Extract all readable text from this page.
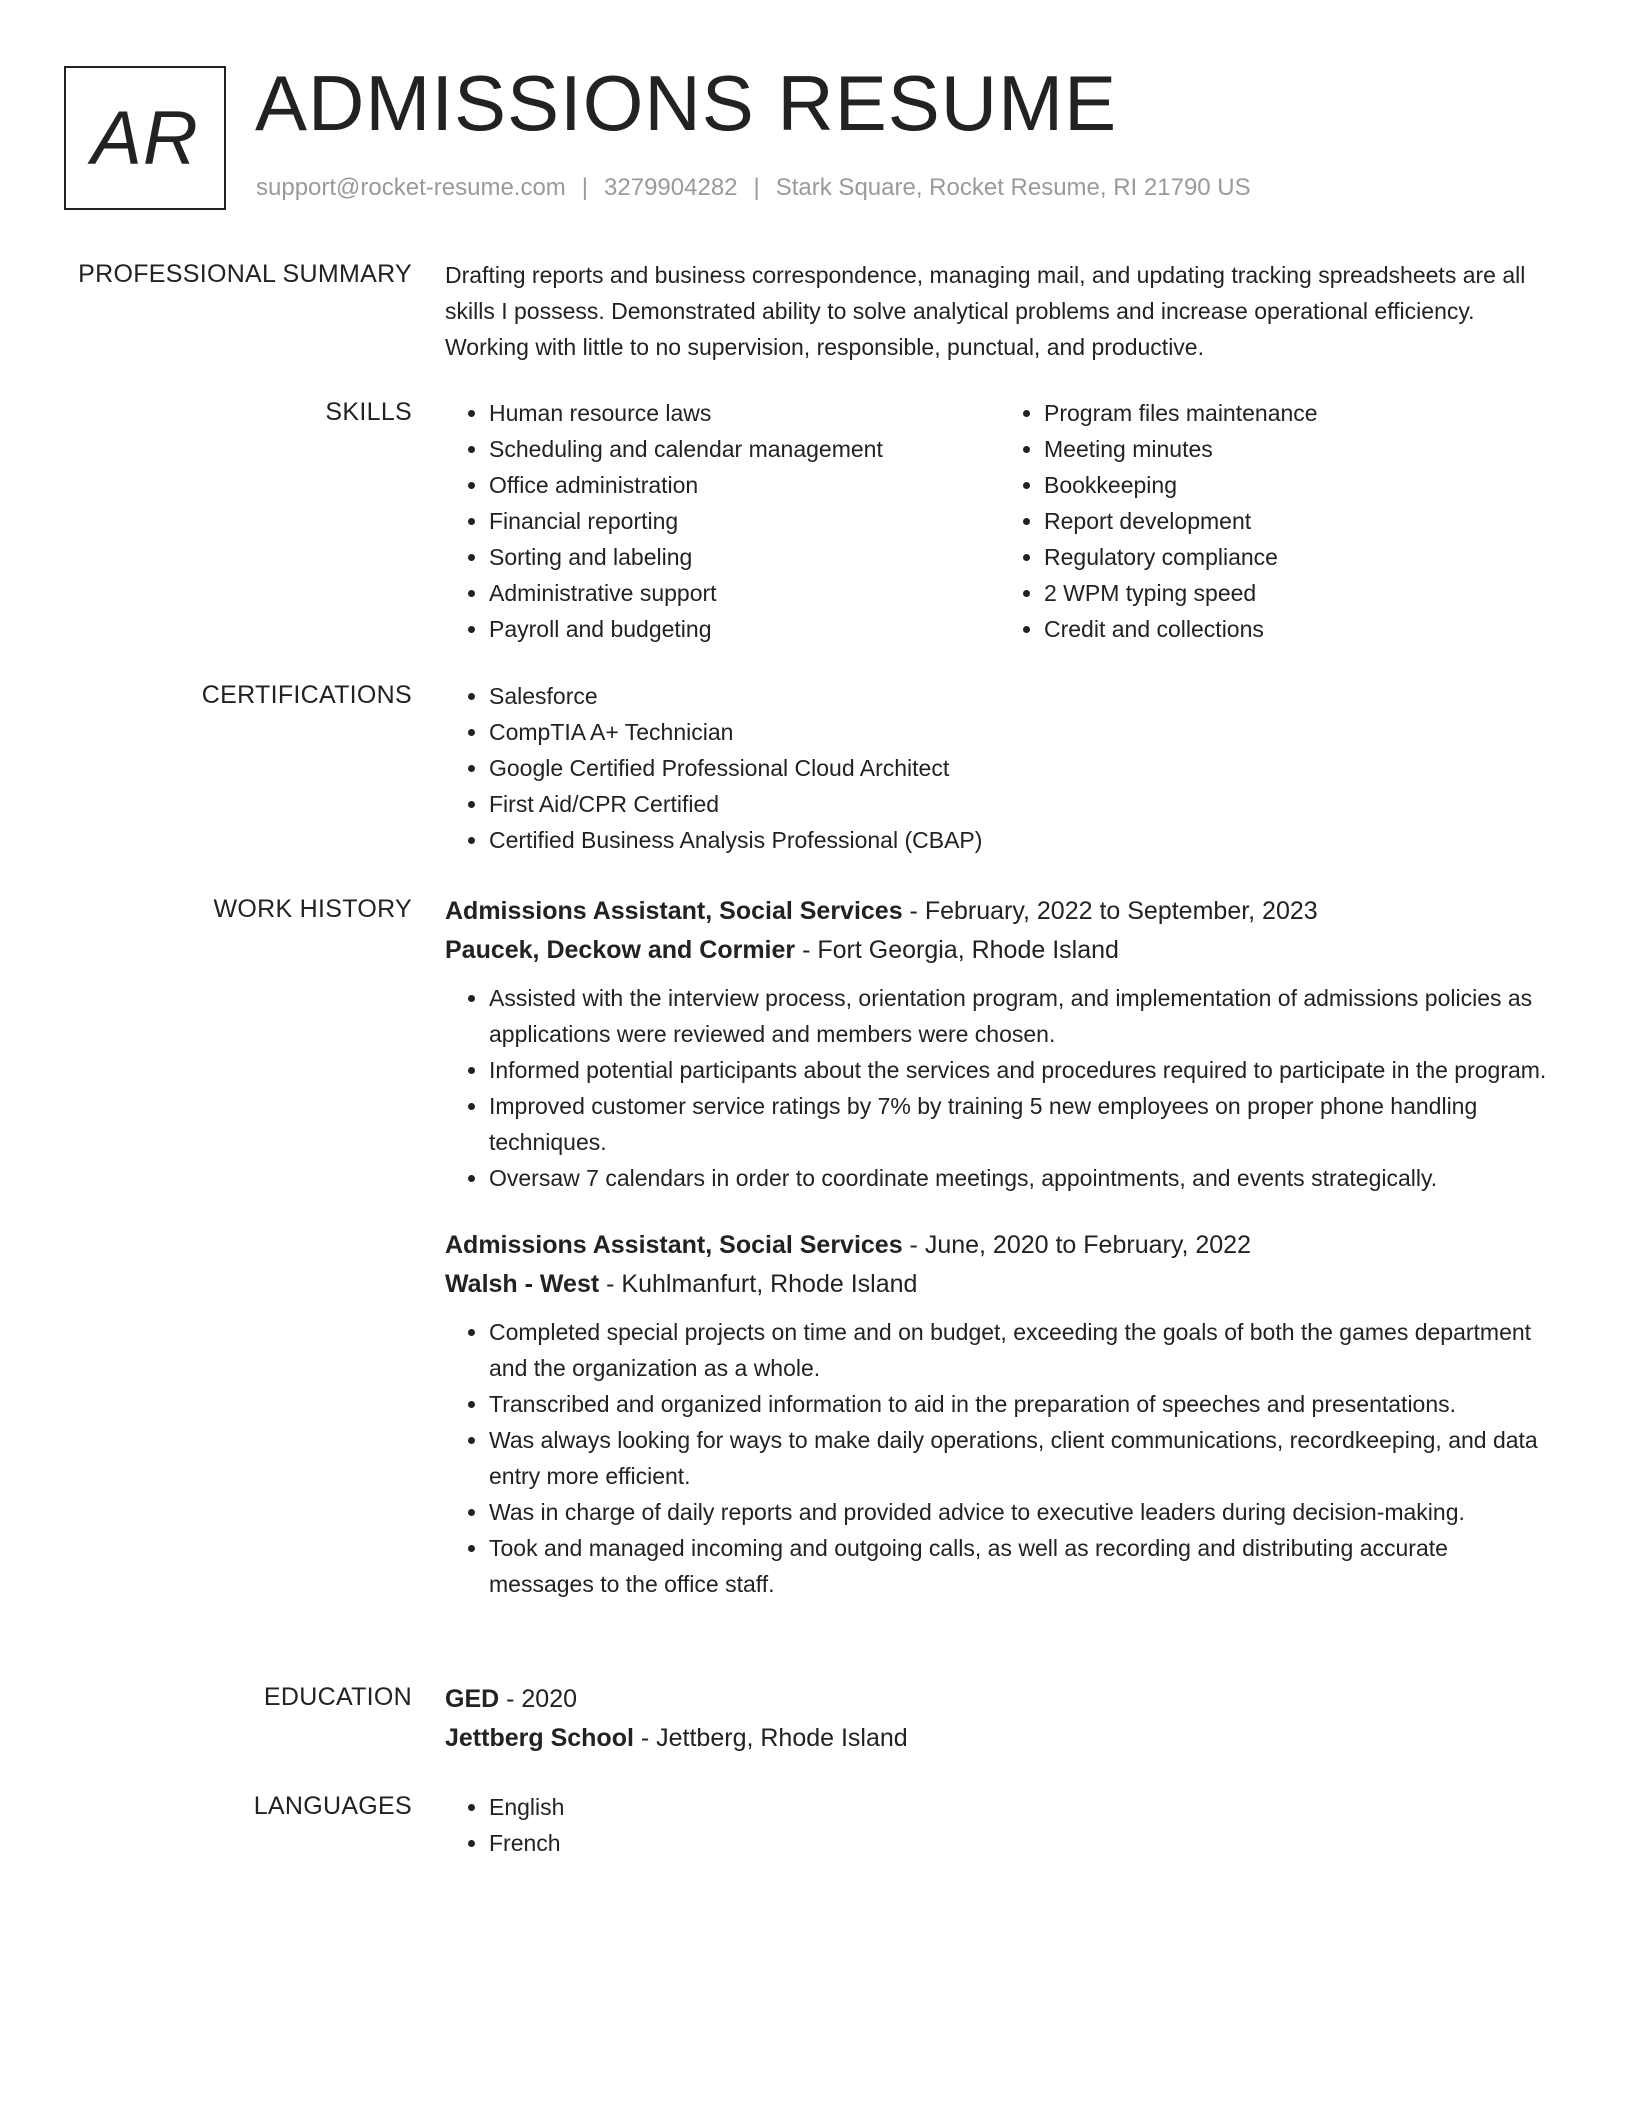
AR ADMISSIONS RESUME
support@rocket-resume.com | 3279904282 | Stark Square, Rocket Resume, RI 21790 US
PROFESSIONAL SUMMARY Drafting reports and business correspondence, managing mail, and updating tracking spreadsheets are all skills I possess. Demonstrated ability to solve analytical problems and increase operational efficiency. Working with little to no supervision, responsible, punctual, and productive.
SKILLS	• Human resource laws
• Scheduling and calendar management
• Office administration
• Financial reporting
• Sorting and labeling
• Administrative support
• Payroll and budgeting
• Program files maintenance
• Meeting minutes
• Bookkeeping
• Report development
• Regulatory compliance
• 2 WPM typing speed
• Credit and collections
CERTIFICATIONS	• Salesforce
• CompTIA A+ Technician
• Google Certified Professional Cloud Architect
• First Aid/CPR Certified
• Certified Business Analysis Professional (CBAP)
WORK HISTORY Admissions Assistant, Social Services - February, 2022 to September, 2023
Paucek, Deckow and Cormier - Fort Georgia, Rhode Island
• Assisted with the interview process, orientation program, and implementation of admissions policies as applications were reviewed and members were chosen.
• Informed potential participants about the services and procedures required to participate in the program.
• Improved customer service ratings by 7% by training 5 new employees on proper phone handling techniques.
• Oversaw 7 calendars in order to coordinate meetings, appointments, and events strategically.
Admissions Assistant, Social Services - June, 2020 to February, 2022
Walsh - West - Kuhlmanfurt, Rhode Island
• Completed special projects on time and on budget, exceeding the goals of both the games department and the organization as a whole.
• Transcribed and organized information to aid in the preparation of speeches and presentations.
• Was always looking for ways to make daily operations, client communications, recordkeeping, and data entry more efficient.
• Was in charge of daily reports and provided advice to executive leaders during decision-making.
• Took and managed incoming and outgoing calls, as well as recording and distributing accurate messages to the office staff.
EDUCATION GED - 2020
Jettberg School - Jettberg, Rhode Island
LANGUAGES	• English
• French
